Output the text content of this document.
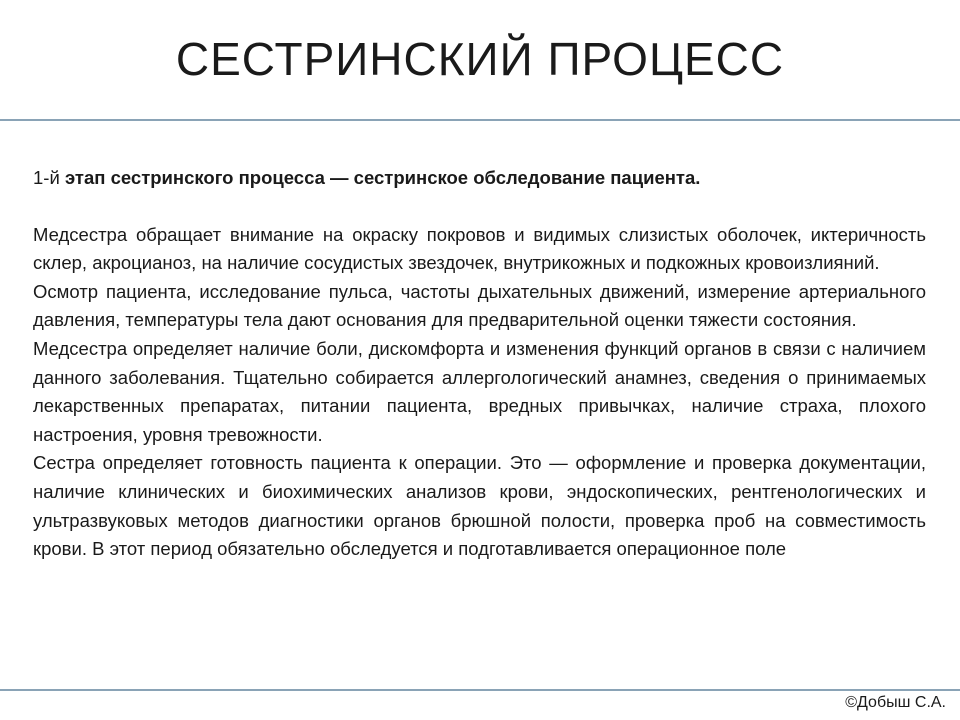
СЕСТРИНСКИЙ ПРОЦЕСС

1-й этап сестринского процесса — сестринское обследование пациента.

Медсестра обращает внимание на окраску покровов и видимых слизистых оболочек, иктеричность склер, акроцианоз, на наличие сосудистых звездочек, внутрикожных и подкожных кровоизлияний.

Осмотр пациента, исследование пульса, частоты дыхательных движений, измерение артериального давления, температуры тела дают основания для предварительной оценки тяжести состояния.

Медсестра определяет наличие боли, дискомфорта и изменения функций органов в связи с наличием данного заболевания. Тщательно собирается аллергологический анамнез, сведения о принимаемых лекарственных препаратах, питании пациента, вредных привычках, наличие страха, плохого настроения, уровня тревожности.

Сестра определяет готовность пациента к операции. Это — оформление и проверка документации, наличие клинических и биохимических анализов крови, эндоскопических, рентгенологических и ультразвуковых методов диагностики органов брюшной полости, проверка проб на совместимость крови. В этот период обязательно обследуется и подготавливается операционное поле

©Добыш С.А.
